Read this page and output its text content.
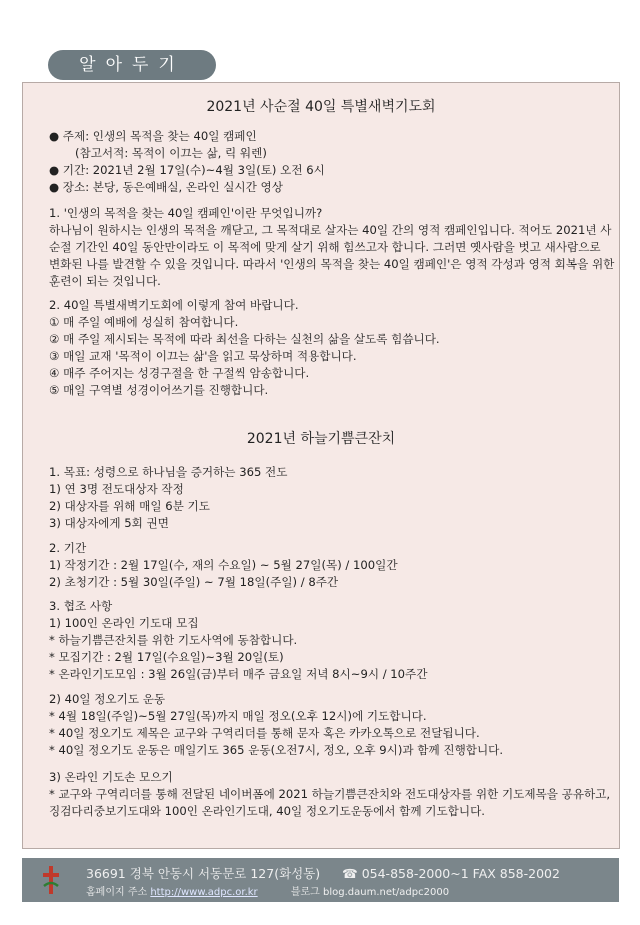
알아두기
2021년 사순절 40일 특별새벽기도회
● 주제: 인생의 목적을 찾는 40일 캠페인
(참고서적: 목적이 이끄는 삶, 릭 워렌)
● 기간: 2021년 2월 17일(수)~4월 3일(토) 오전 6시
● 장소: 본당, 동은예배실, 온라인 실시간 영상
1. '인생의 목적을 찾는 40일 캠페인'이란 무엇입니까?
하나님이 원하시는 인생의 목적을 깨닫고, 그 목적대로 살자는 40일 간의 영적 캠페인입니다. 적어도 2021년 사순절 기간인 40일 동안만이라도 이 목적에 맞게 살기 위해 힘쓰고자 합니다. 그러면 옛사람을 벗고 새사람으로 변화된 나를 발견할 수 있을 것입니다. 따라서 '인생의 목적을 찾는 40일 캠페인'은 영적 각성과 영적 회복을 위한 훈련이 되는 것입니다.
2. 40일 특별새벽기도회에 이렇게 참여 바랍니다.
① 매 주일 예배에 성실히 참여합니다.
② 매 주일 제시되는 목적에 따라 최선을 다하는 실천의 삶을 살도록 힘씁니다.
③ 매일 교재 '목적이 이끄는 삶'을 읽고 묵상하며 적용합니다.
④ 매주 주어지는 성경구절을 한 구절씩 암송합니다.
⑤ 매일 구역별 성경이어쓰기를 진행합니다.
2021년 하늘기쁨큰잔치
1. 목표: 성령으로 하나님을 증거하는 365 전도
1) 연 3명 전도대상자 작정
2) 대상자를 위해 매일 6분 기도
3) 대상자에게 5회 권면
2. 기간
1) 작정기간 : 2월 17일(수, 재의 수요일) ~ 5월 27일(목) / 100일간
2) 초청기간 : 5월 30일(주일) ~ 7월 18일(주일) / 8주간
3. 협조 사항
1) 100인 온라인 기도대 모집
* 하늘기쁨큰잔치를 위한 기도사역에 동참합니다.
* 모집기간 : 2월 17일(수요일)~3월 20일(토)
* 온라인기도모임 : 3월 26일(금)부터 매주 금요일 저녁 8시~9시 / 10주간
2) 40일 정오기도 운동
* 4월 18일(주일)~5월 27일(목)까지 매일 정오(오후 12시)에 기도합니다.
* 40일 정오기도 제목은 교구와 구역리더를 통해 문자 혹은 카카오톡으로 전달됩니다.
* 40일 정오기도 운동은 매일기도 365 운동(오전7시, 정오, 오후 9시)과 함께 진행합니다.
3) 온라인 기도손 모으기
* 교구와 구역리더를 통해 전달된 네이버폼에 2021 하늘기쁨큰잔치와 전도대상자를 위한 기도제목을 공유하고, 징검다리중보기도대와 100인 온라인기도대, 40일 정오기도운동에서 함께 기도합니다.
36691 경북 안동시 서동문로 127(화성동) ☎ 054-858-2000~1 FAX 858-2002
홈페이지 주소 http://www.adpc.or.kr	블로그 blog.daum.net/adpc2000
